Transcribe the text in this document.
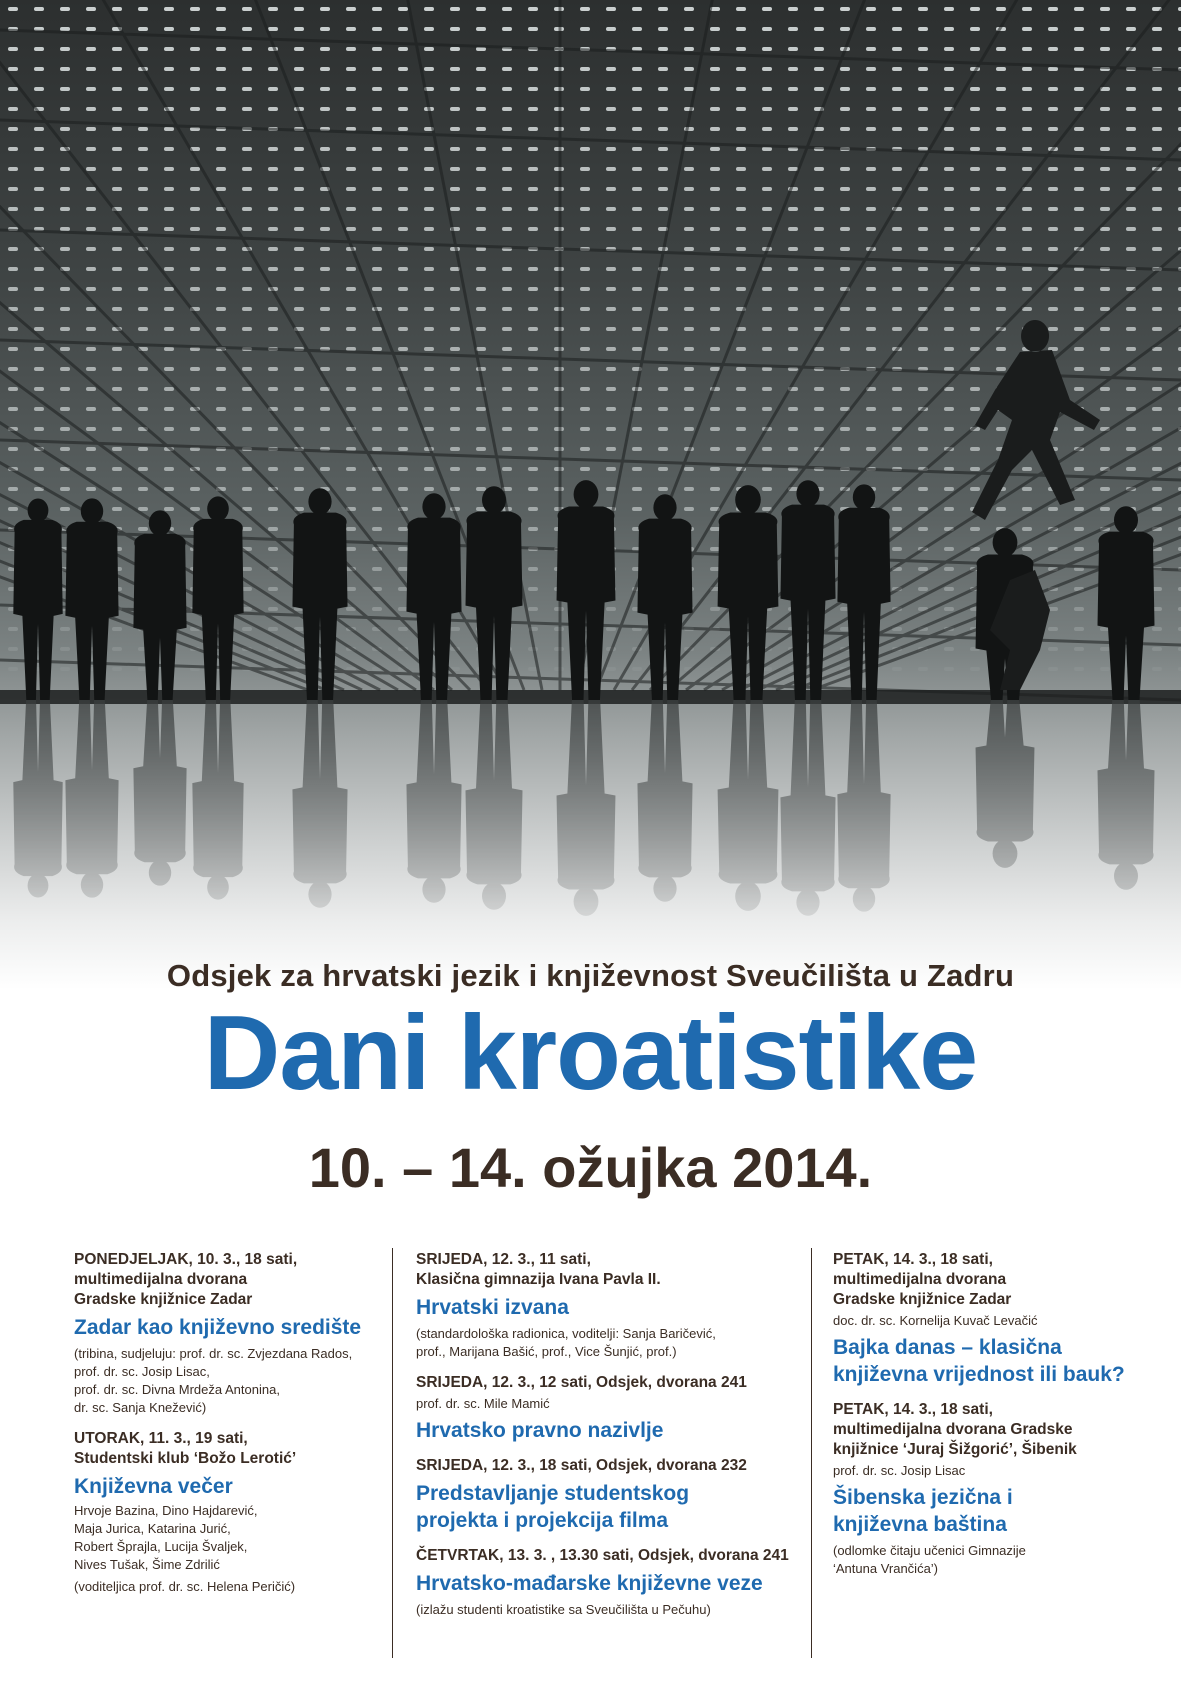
Odsjek za hrvatski jezik i književnost Sveučilišta u Zadru
Dani kroatistike
10. – 14. ožujka 2014.
PONEDJELJAK, 10. 3., 18 sati,
multimedijalna dvorana
Gradske knjižnice Zadar
Zadar kao književno središte
(tribina, sudjeluju: prof. dr. sc. Zvjezdana Rados,
prof. dr. sc. Josip Lisac,
prof. dr. sc. Divna Mrdeža Antonina,
dr. sc. Sanja Knežević)
UTORAK, 11. 3., 19 sati,
Studentski klub ‘Božo Lerotić’
Književna večer
Hrvoje Bazina, Dino Hajdarević,
Maja Jurica, Katarina Jurić,
Robert Šprajla, Lucija Švaljek,
Nives Tušak, Šime Zdrilić
(voditeljica prof. dr. sc. Helena Peričić)
SRIJEDA, 12. 3., 11 sati,
Klasična gimnazija Ivana Pavla II.
Hrvatski izvana
(standardološka radionica, voditelji: Sanja Baričević,
prof., Marijana Bašić, prof., Vice Šunjić, prof.)
SRIJEDA, 12. 3., 12 sati, Odsjek, dvorana 241
prof. dr. sc. Mile Mamić
Hrvatsko pravno nazivlje
SRIJEDA, 12. 3., 18 sati, Odsjek, dvorana 232
Predstavljanje studentskog
projekta i projekcija filma
ČETVRTAK, 13. 3. , 13.30 sati, Odsjek, dvorana 241
Hrvatsko-mađarske književne veze
(izlažu studenti kroatistike sa Sveučilišta u Pečuhu)
PETAK, 14. 3., 18 sati,
multimedijalna dvorana
Gradske knjižnice Zadar
doc. dr. sc. Kornelija Kuvač Levačić
Bajka danas – klasična
književna vrijednost ili bauk?
PETAK, 14. 3., 18 sati,
multimedijalna dvorana Gradske
knjižnice ‘Juraj Šižgorić’, Šibenik
prof. dr. sc. Josip Lisac
Šibenska jezična i
književna baština
(odlomke čitaju učenici Gimnazije
‘Antuna Vrančića’)
